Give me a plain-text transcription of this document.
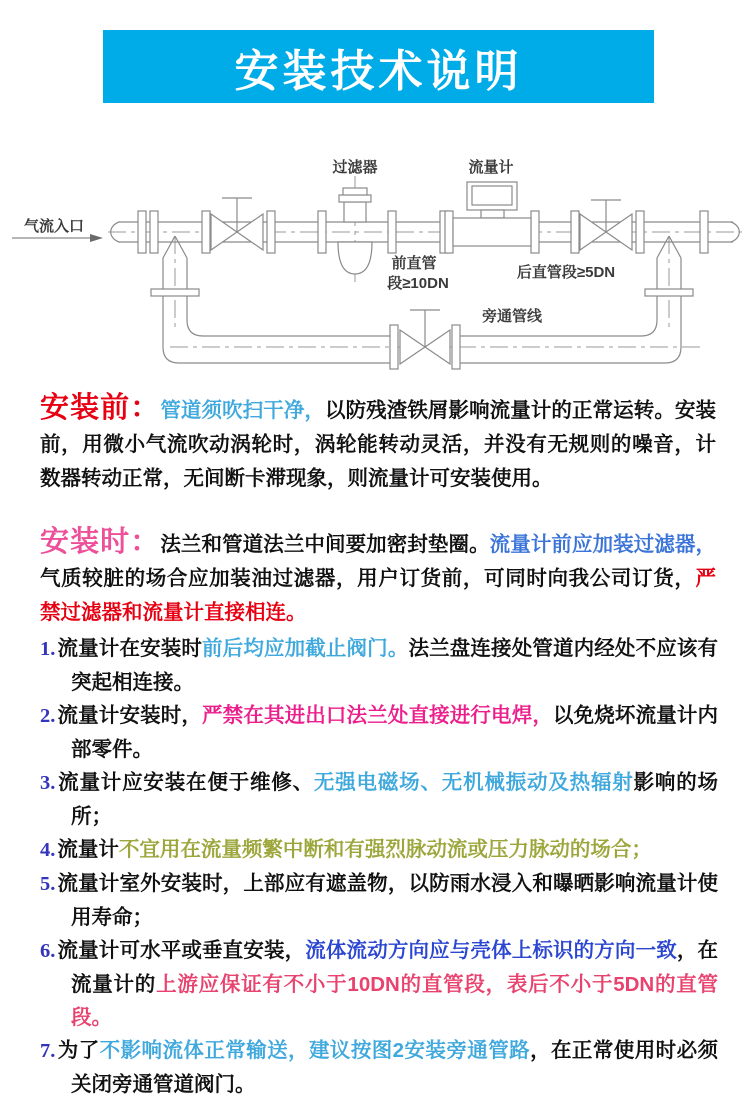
安装技术说明
气流入口
过滤器	流量计
前直管
段≥10DN
后直管段≥5DN
旁通管线

安装前：管道须吹扫干净，以防残渣铁屑影响流量计的正常运转。安装前，用微小气流吹动涡轮时，涡轮能转动灵活，并没有无规则的噪音，计数器转动正常，无间断卡滞现象，则流量计可安装使用。

安装时：法兰和管道法兰中间要加密封垫圈。流量计前应加装过滤器，气质较脏的场合应加装油过滤器，用户订货前，可同时向我公司订货，严禁过滤器和流量计直接相连。

1.流量计在安装时前后均应加截止阀门。法兰盘连接处管道内经处不应该有突起相连接。
2.流量计安装时，严禁在其进出口法兰处直接进行电焊，以免烧坏流量计内部零件。
3.流量计应安装在便于维修、无强电磁场、无机械振动及热辐射影响的场所；
4.流量计不宜用在流量频繁中断和有强烈脉动流或压力脉动的场合；
5.流量计室外安装时，上部应有遮盖物，以防雨水浸入和曝晒影响流量计使用寿命；
6.流量计可水平或垂直安装，流体流动方向应与壳体上标识的方向一致，在流量计的上游应保证有不小于10DN的直管段，表后不小于5DN的直管段。
7.为了不影响流体正常输送，建议按图2安装旁通管路，在正常使用时必须关闭旁通管道阀门。
